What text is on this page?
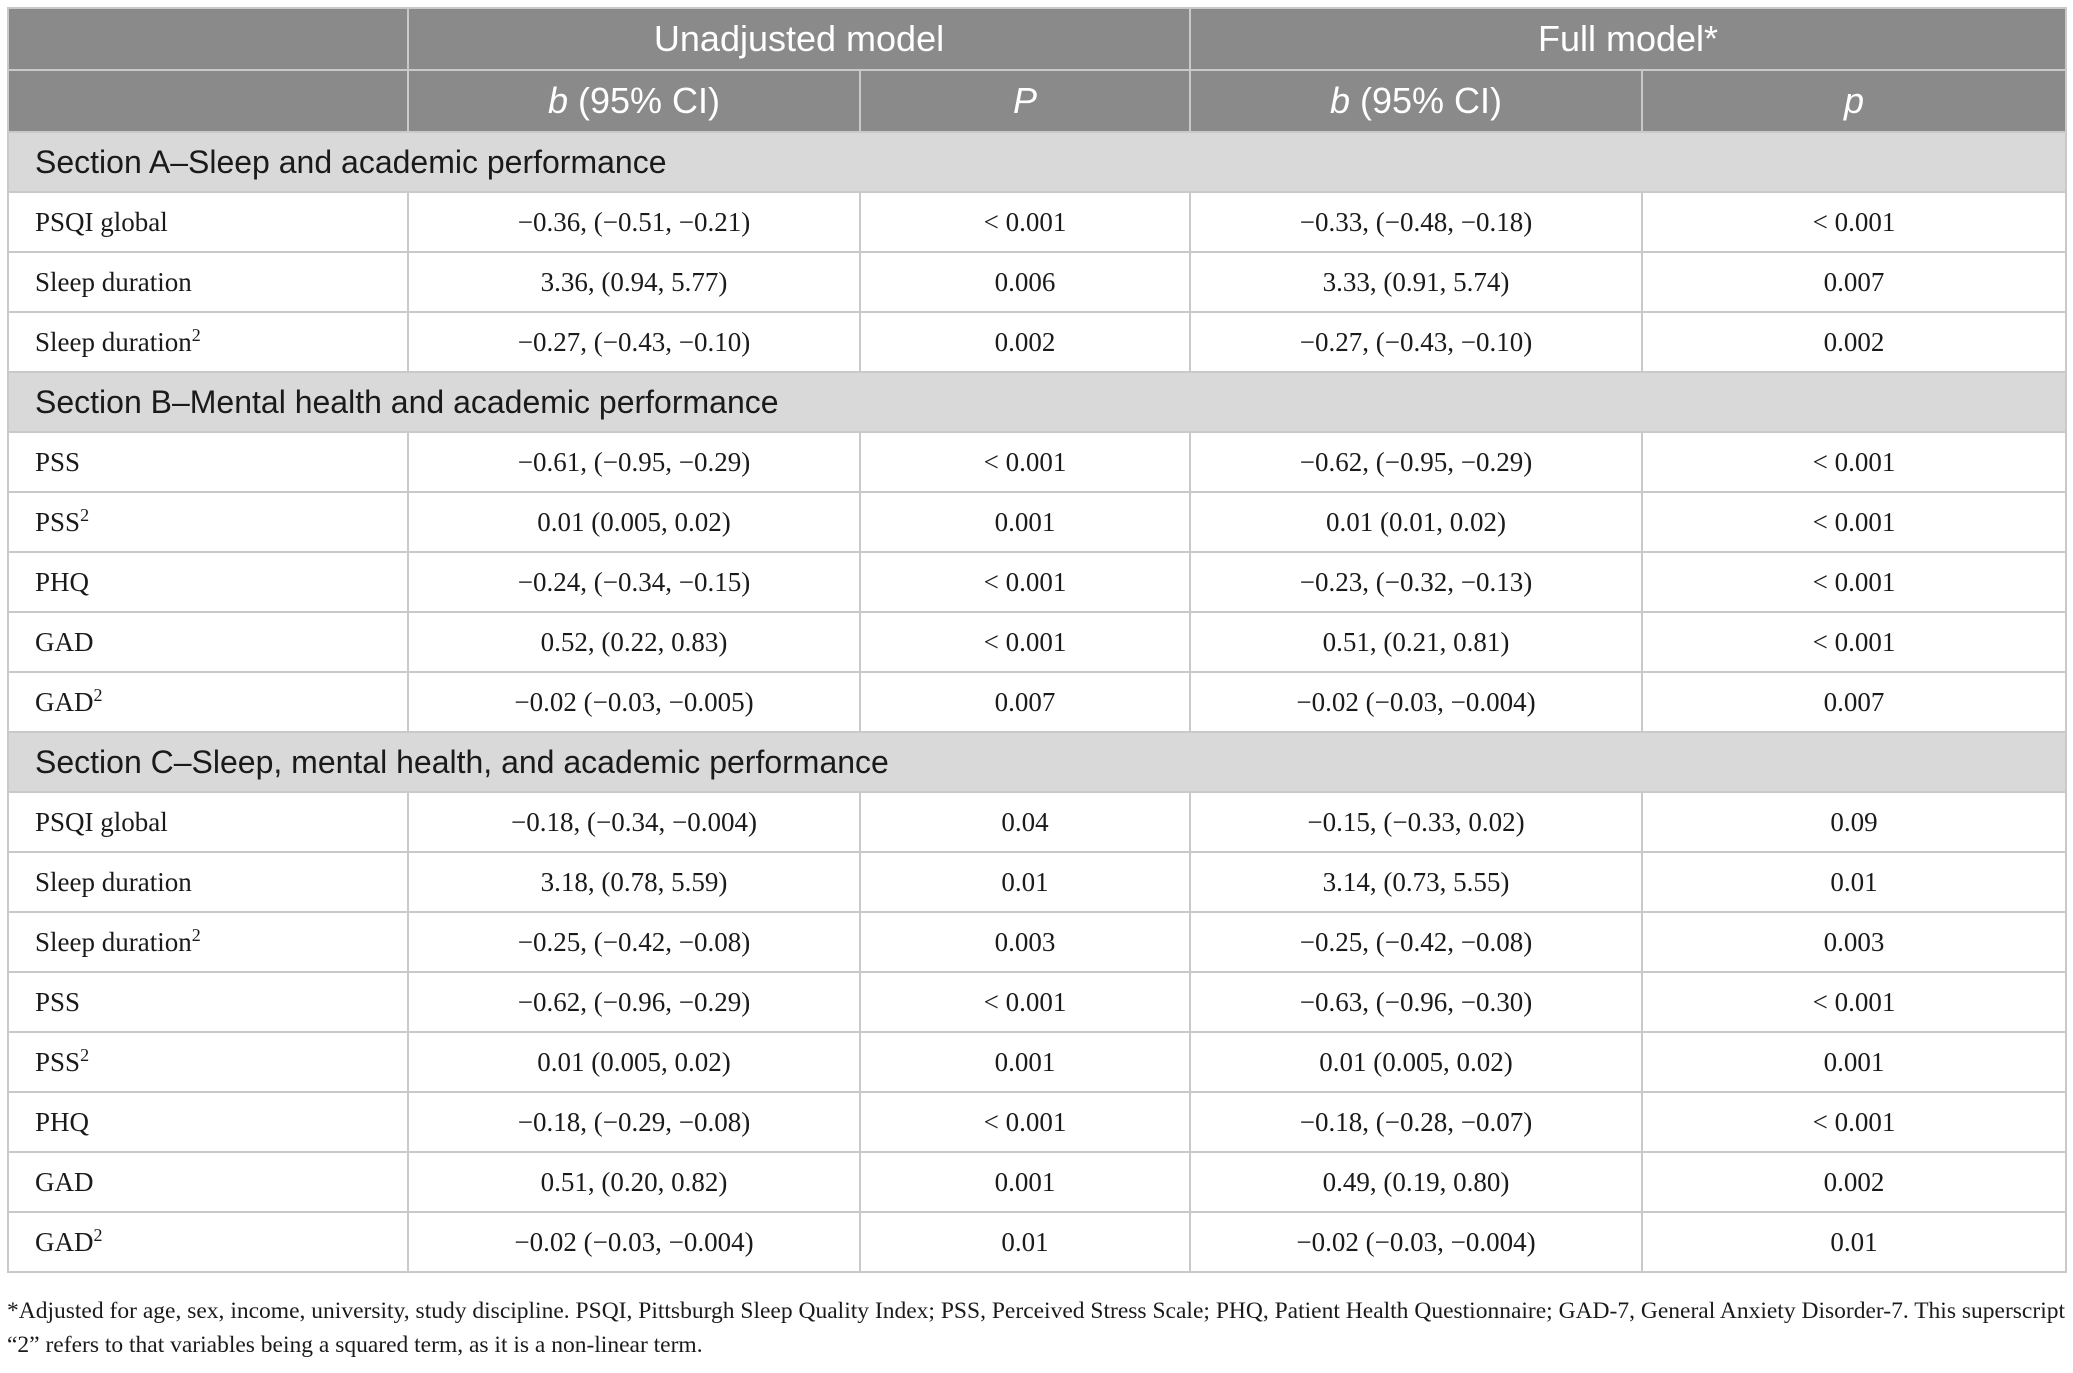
	Unadjusted model		Full model*	
	b (95% CI)	P	b (95% CI)	p
Section A–Sleep and academic performance				
PSQI global	−0.36, (−0.51, −0.21)	< 0.001	−0.33, (−0.48, −0.18)	< 0.001
Sleep duration	3.36, (0.94, 5.77)	0.006	3.33, (0.91, 5.74)	0.007
Sleep duration$^2$	−0.27, (−0.43, −0.10)	0.002	−0.27, (−0.43, −0.10)	0.002
Section B–Mental health and academic performance				
PSS	−0.61, (−0.95, −0.29)	< 0.001	−0.62, (−0.95, −0.29)	< 0.001
PSS$^2$	0.01 (0.005, 0.02)	0.001	0.01 (0.01, 0.02)	< 0.001
PHQ	−0.24, (−0.34, −0.15)	< 0.001	−0.23, (−0.32, −0.13)	< 0.001
GAD	0.52, (0.22, 0.83)	< 0.001	0.51, (0.21, 0.81)	< 0.001
$GAD^2$	−0.02 (−0.03, −0.005)	0.007	−0.02 (−0.03, −0.004)	0.007
Section C–Sleep, mental health, and academic performance				
PSQI global	−0.18, (−0.34, −0.004)	0.04	−0.15, (−0.33, 0.02)	0.09
Sleep duration	3.18, (0.78, 5.59)	0.01	3.14, (0.73, 5.55)	0.01
Sleep duration$^2$	−0.25, (−0.42, −0.08)	0.003	−0.25, (−0.42, −0.08)	0.003
PSS	−0.62, (−0.96, −0.29)	< 0.001	−0.63, (−0.96, −0.30)	< 0.001
PSS$^2$	0.01 (0.005, 0.02)	0.001	0.01 (0.005, 0.02)	0.001
PHQ	−0.18, (−0.29, −0.08)	< 0.001	−0.18, (−0.28, −0.07)	< 0.001
GAD	0.51, (0.20, 0.82)	0.001	0.49, (0.19, 0.80)	0.002
$GAD^2$	−0.02 (−0.03, −0.004)	0.01	−0.02 (−0.03, −0.004)	0.01
*Adjusted for age, sex, income, university, study discipline. PSQI, Pittsburgh Sleep Quality Index; PSS, Perceived Stress Scale; PHQ, Patient Health Questionnaire; GAD-7, General Anxiety Disorder-7. This superscript “2” refers to that variables being a squared term, as it is a non-linear term.
